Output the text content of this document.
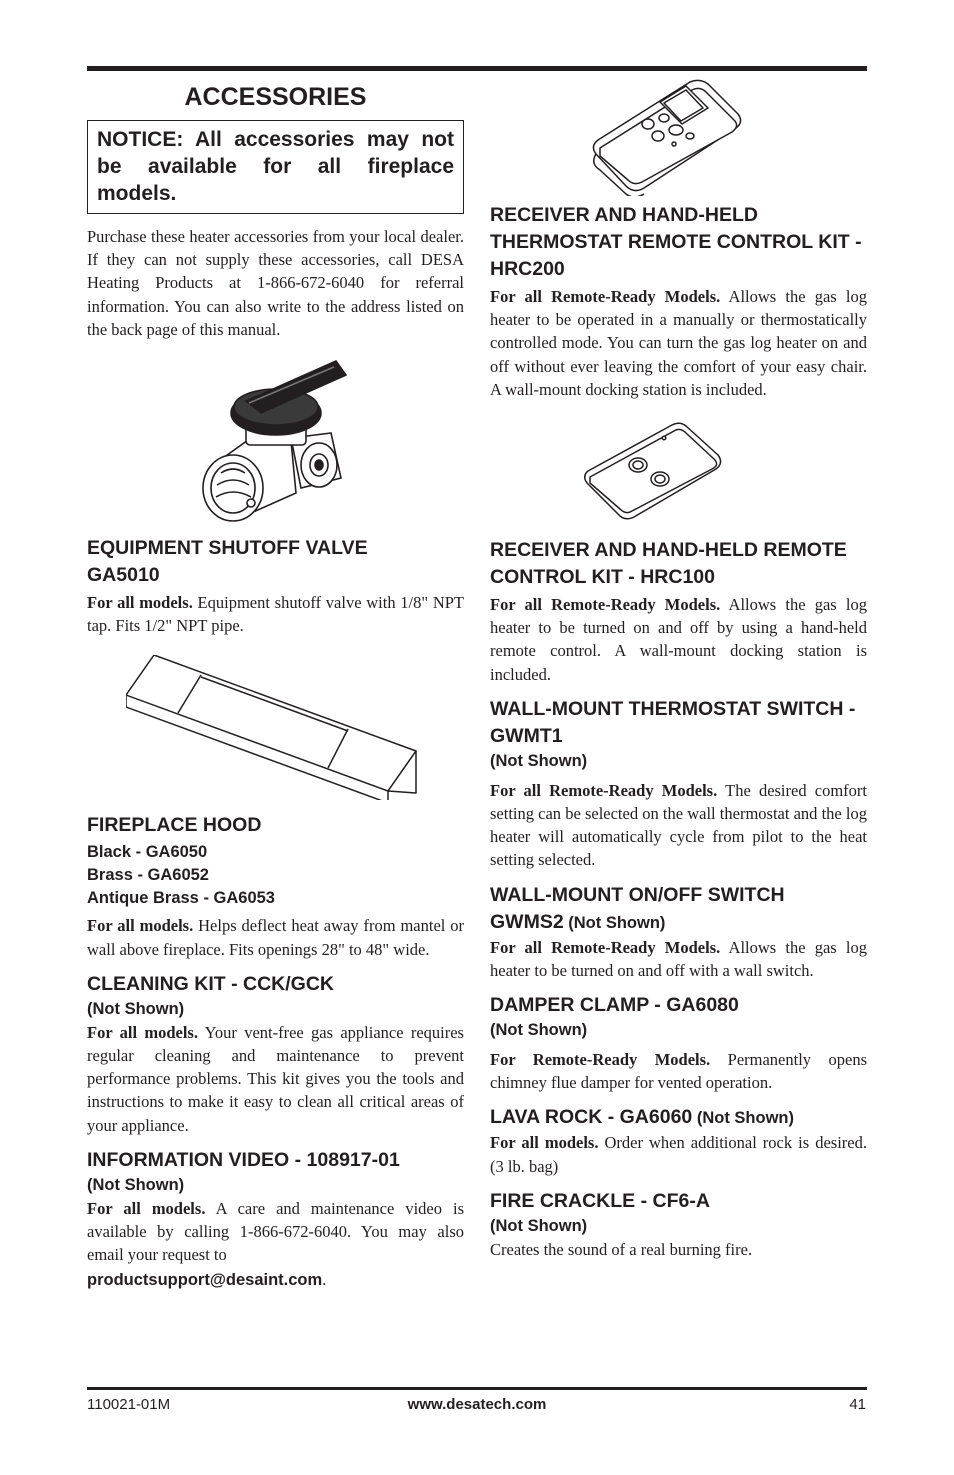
ACCESSORIES
NOTICE: All accessories may not be available for all fireplace models.

Purchase these heater accessories from your local dealer. If they can not supply these accessories, call DESA Heating Products at 1-866-672-6040 for referral information. You can also write to the address listed on the back page of this manual.

EQUIPMENT SHUTOFF VALVE
GA5010

For all models. Equipment shutoff valve with 1/8" NPT tap. Fits 1/2" NPT pipe.

FIREPLACE HOOD

Black - GA6050

Brass - GA6052

Antique Brass - GA6053

For all models. Helps deflect heat away from mantel or wall above fireplace. Fits openings 28" to 48" wide.

CLEANING KIT - CCK/GCK

(Not Shown)

For all models. Your vent-free gas appliance requires regular cleaning and maintenance to prevent performance problems. This kit gives you the tools and instructions to make it easy to clean all critical areas of your appliance.

INFORMATION VIDEO - 108917-01

(Not Shown)

For all models. A care and maintenance video is available by calling 1-866-672-6040. You may also email your request to

productsupport@desaint.com.

RECEIVER AND HAND-HELD THERMOSTAT REMOTE CONTROL KIT - HRC200

For all Remote-Ready Models. Allows the gas log heater to be operated in a manually or thermostatically controlled mode. You can turn the gas log heater on and off without ever leaving the comfort of your easy chair. A wall-mount docking station is included.

RECEIVER AND HAND-HELD REMOTE CONTROL KIT - HRC100

For all Remote-Ready Models. Allows the gas log heater to be turned on and off by using a hand-held remote control. A wall-mount docking station is included.

WALL-MOUNT THERMOSTAT SWITCH - GWMT1

(Not Shown)

For all Remote-Ready Models. The desired comfort setting can be selected on the wall thermostat and the log heater will automatically cycle from pilot to the heat setting selected.

WALL-MOUNT ON/OFF SWITCH
GWMS2 (Not Shown)

For all Remote-Ready Models. Allows the gas log heater to be turned on and off with a wall switch.

DAMPER CLAMP - GA6080

(Not Shown)

For Remote-Ready Models. Permanently opens chimney flue damper for vented operation.

LAVA ROCK - GA6060 (Not Shown)

For all models. Order when additional rock is desired. (3 lb. bag)

FIRE CRACKLE - CF6-A

(Not Shown)

Creates the sound of a real burning fire.

www.desatech.com
110021-01M	41
